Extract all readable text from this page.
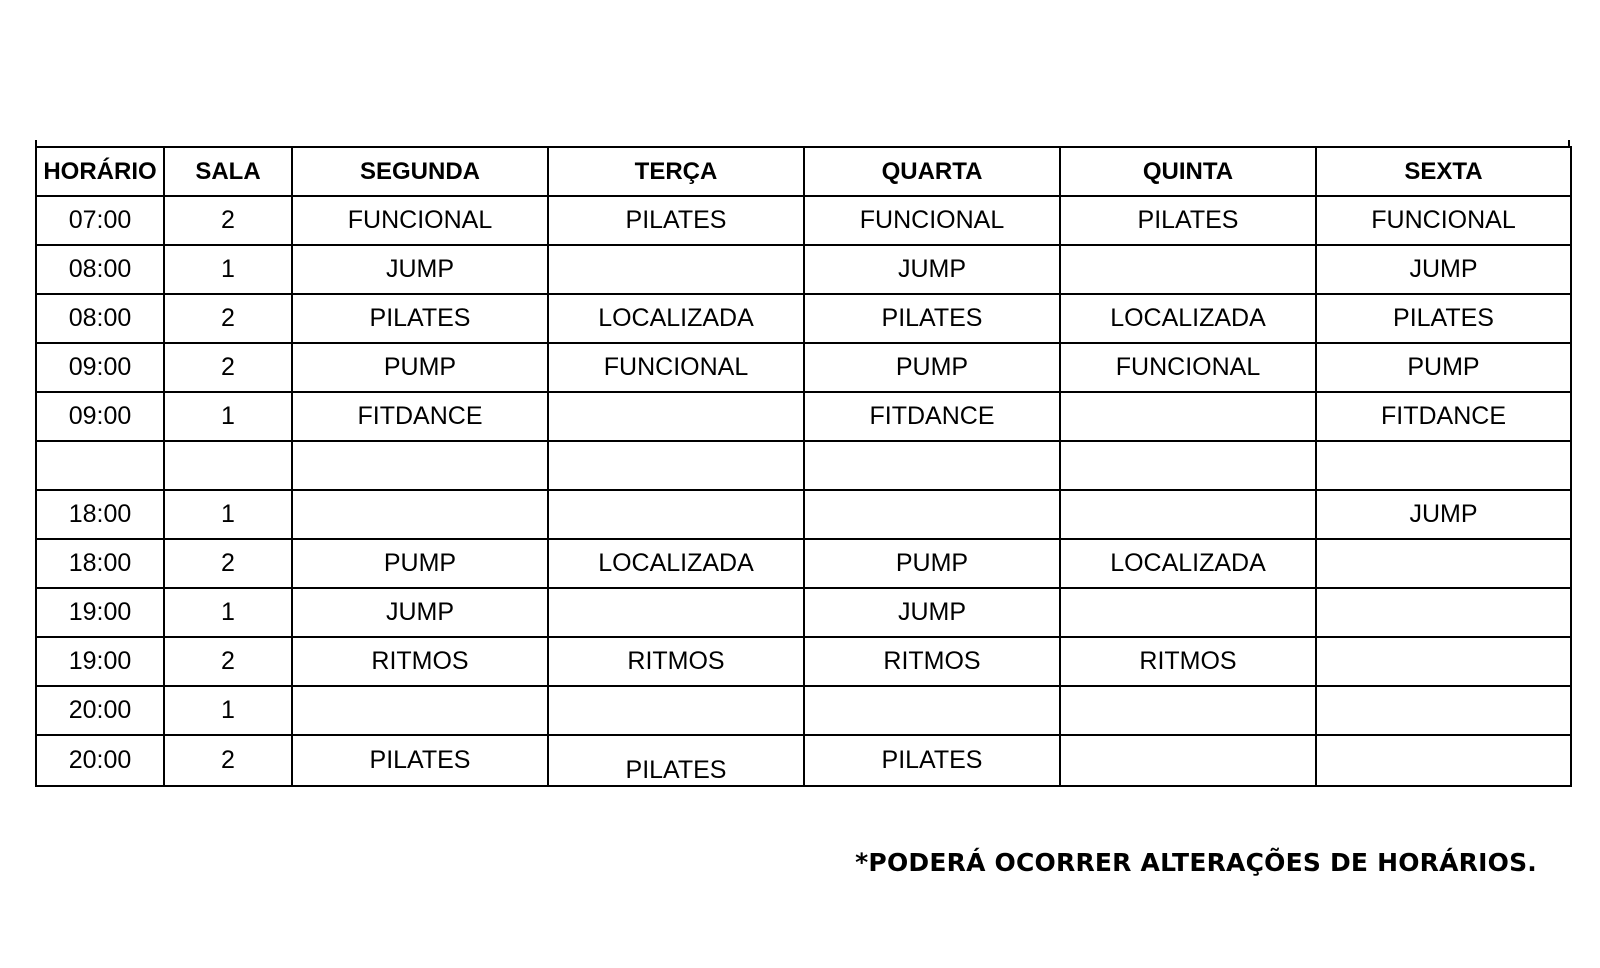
HORÁRIO	SALA	SEGUNDA	TERÇA	QUARTA	QUINTA	SEXTA
07:00	2	FUNCIONAL	PILATES	FUNCIONAL	PILATES	FUNCIONAL
08:00	1	JUMP		JUMP		JUMP
08:00	2	PILATES	LOCALIZADA	PILATES	LOCALIZADA	PILATES
09:00	2	PUMP	FUNCIONAL	PUMP	FUNCIONAL	PUMP
09:00	1	FITDANCE		FITDANCE		FITDANCE

18:00	1					JUMP
18:00	2	PUMP	LOCALIZADA	PUMP	LOCALIZADA	
19:00	1	JUMP		JUMP		
19:00	2	RITMOS	RITMOS	RITMOS	RITMOS	
20:00	1					
20:00	2	PILATES	PILATES	PILATES		
*PODERÁ OCORRER ALTERAÇÕES DE HORÁRIOS.
